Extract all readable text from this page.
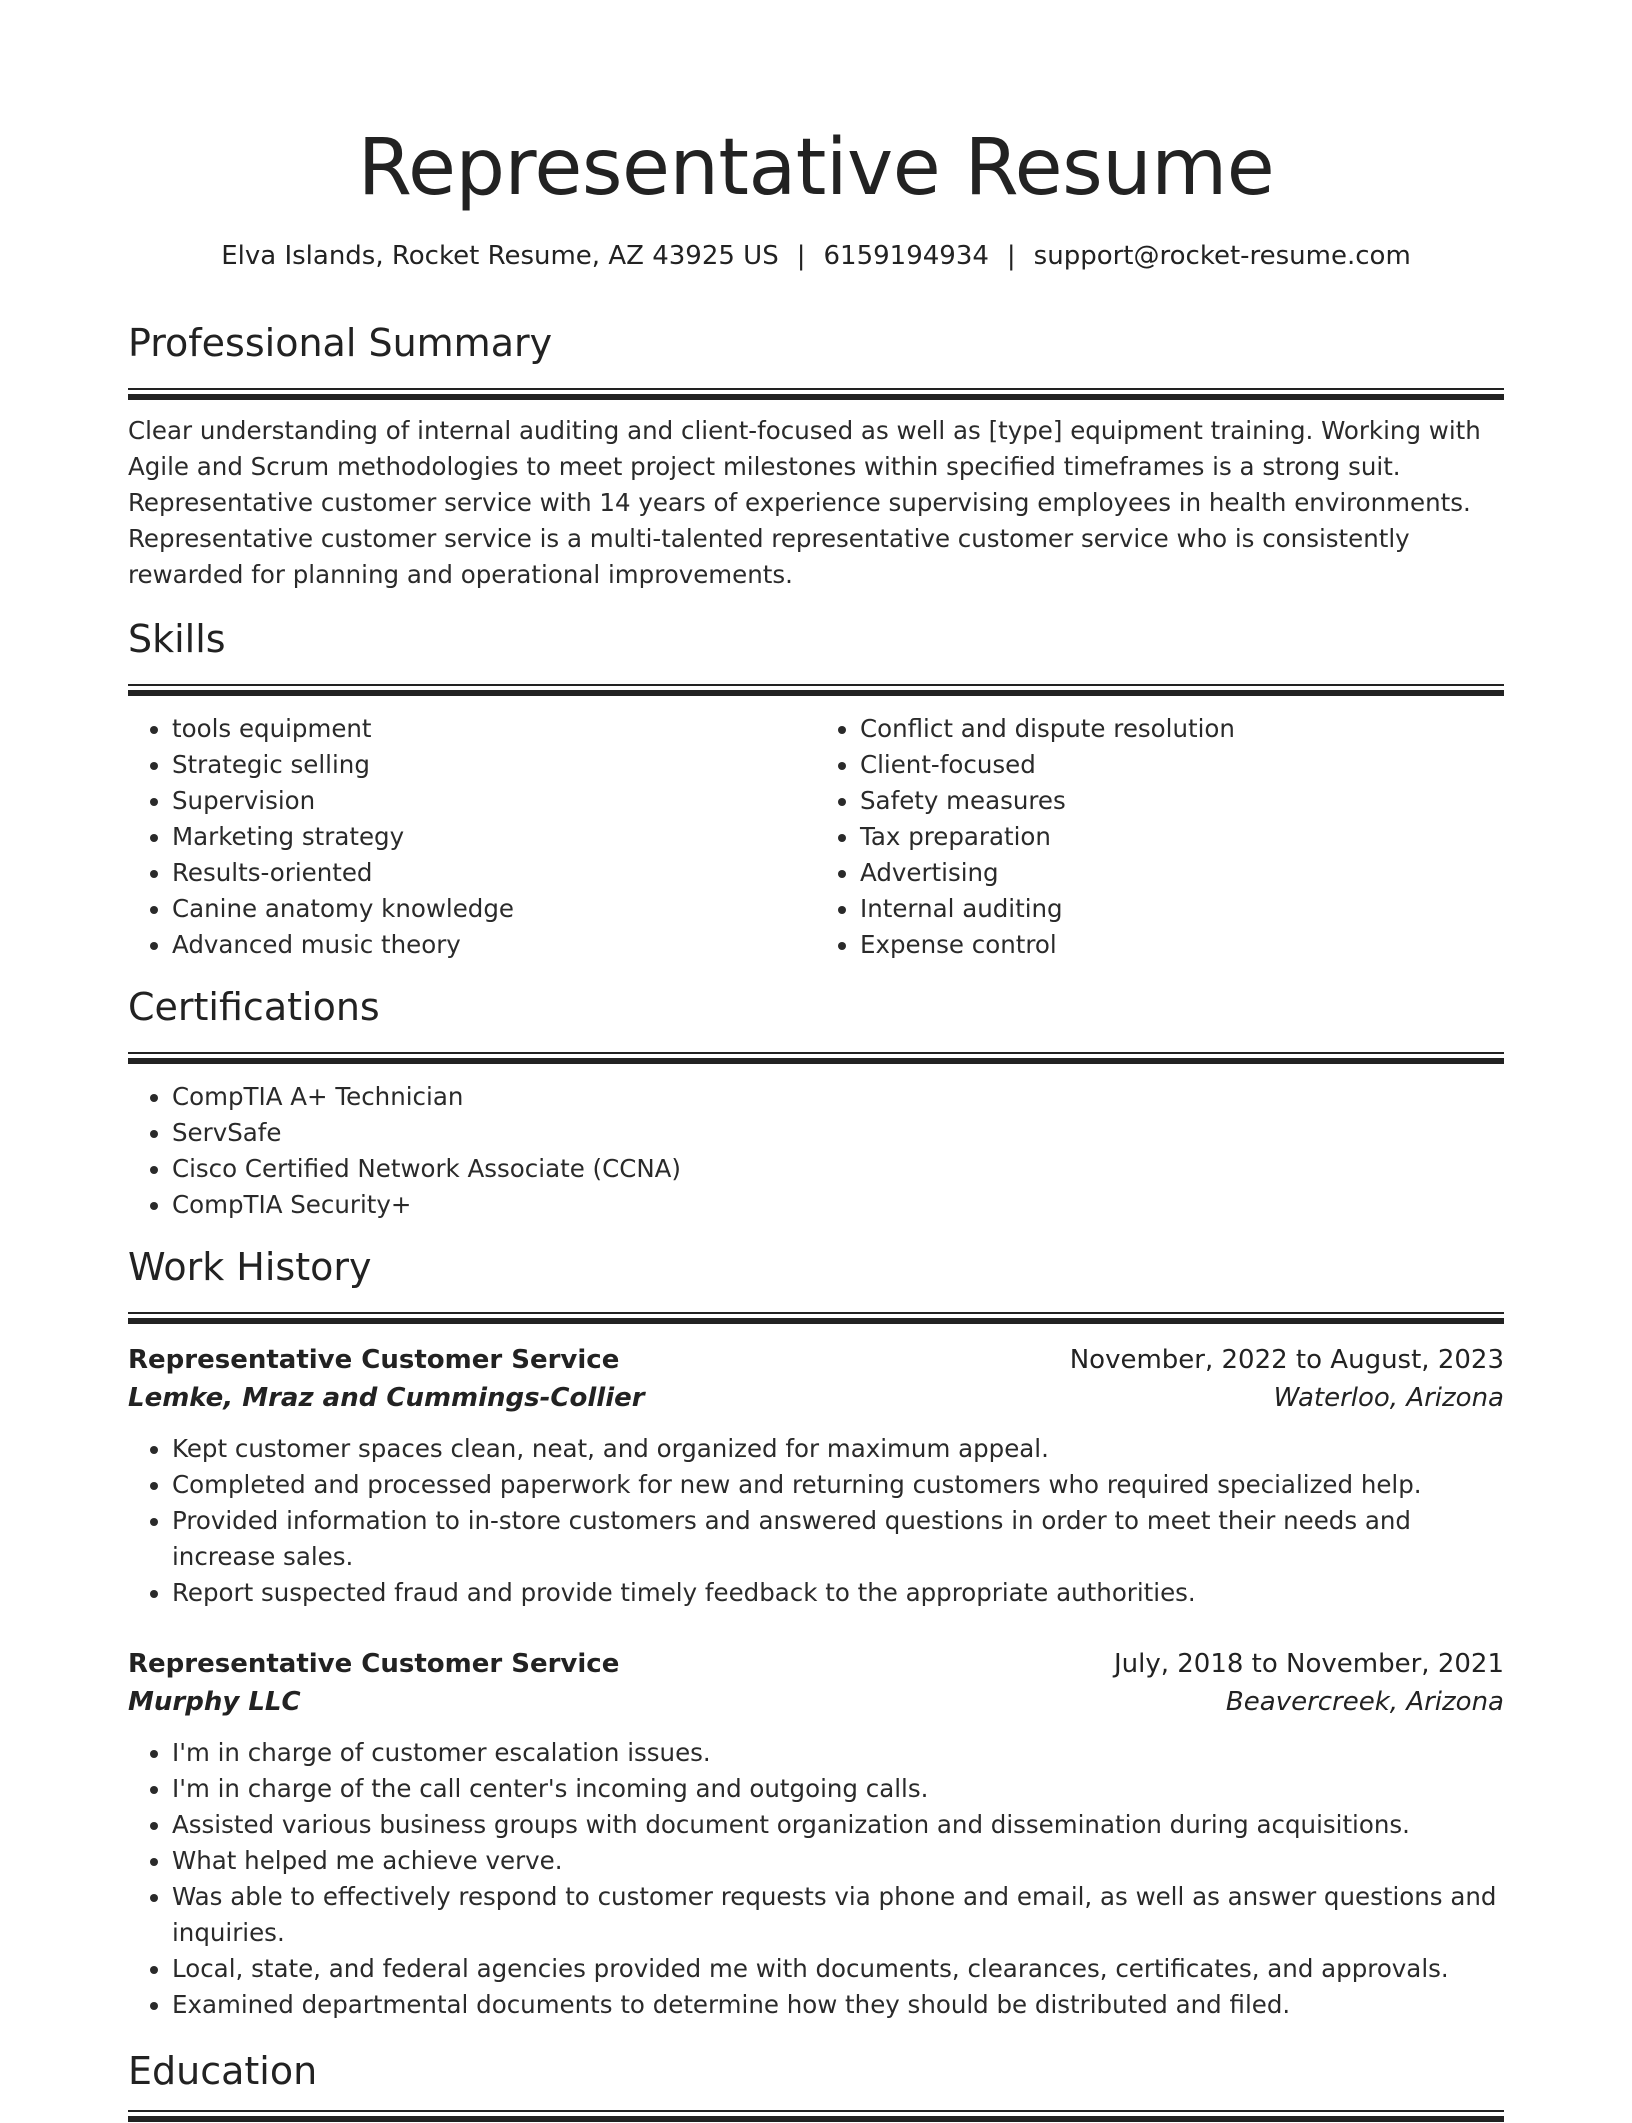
Representative Resume
Elva Islands, Rocket Resume, AZ 43925 US | 6159194934 | support@rocket-resume.com
Professional Summary
Clear understanding of internal auditing and client-focused as well as [type] equipment training. Working with Agile and Scrum methodologies to meet project milestones within specified timeframes is a strong suit. Representative customer service with 14 years of experience supervising employees in health environments. Representative customer service is a multi-talented representative customer service who is consistently rewarded for planning and operational improvements.
Skills
• tools equipment
• Strategic selling
• Supervision
• Marketing strategy
• Results-oriented
• Canine anatomy knowledge
• Advanced music theory
• Conflict and dispute resolution
• Client-focused
• Safety measures
• Tax preparation
• Advertising
• Internal auditing
• Expense control
Certifications
• CompTIA A+ Technician
• ServSafe
• Cisco Certified Network Associate (CCNA)
• CompTIA Security+
Work History
Representative Customer Service	November, 2022 to August, 2023
Lemke, Mraz and Cummings-Collier	Waterloo, Arizona
• Kept customer spaces clean, neat, and organized for maximum appeal.
• Completed and processed paperwork for new and returning customers who required specialized help.
• Provided information to in-store customers and answered questions in order to meet their needs and increase sales.
• Report suspected fraud and provide timely feedback to the appropriate authorities.
Representative Customer Service	July, 2018 to November, 2021
Murphy LLC	Beavercreek, Arizona
• I'm in charge of customer escalation issues.
• I'm in charge of the call center's incoming and outgoing calls.
• Assisted various business groups with document organization and dissemination during acquisitions.
• What helped me achieve verve.
• Was able to effectively respond to customer requests via phone and email, as well as answer questions and inquiries.
• Local, state, and federal agencies provided me with documents, clearances, certificates, and approvals.
• Examined departmental documents to determine how they should be distributed and filed.
Education
